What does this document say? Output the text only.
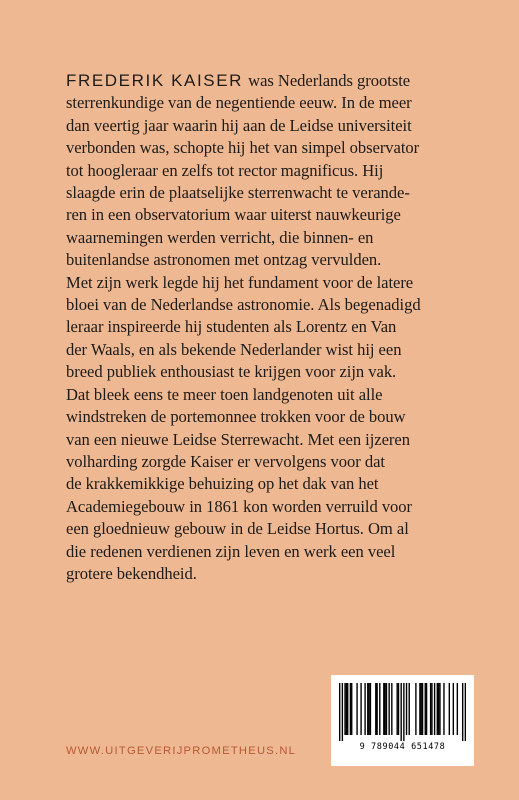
FREDERIK KAISER was Nederlands grootste
sterrenkundige van de negentiende eeuw. In de meer
dan veertig jaar waarin hij aan de Leidse universiteit
verbonden was, schopte hij het van simpel observator
tot hoogleraar en zelfs tot rector magnificus. Hij
slaagde erin de plaatselijke sterrenwacht te verande-
ren in een observatorium waar uiterst nauwkeurige
waarnemingen werden verricht, die binnen- en
buitenlandse astronomen met ontzag vervulden.
Met zijn werk legde hij het fundament voor de latere
bloei van de Nederlandse astronomie. Als begenadigd
leraar inspireerde hij studenten als Lorentz en Van
der Waals, en als bekende Nederlander wist hij een
breed publiek enthousiast te krijgen voor zijn vak.
Dat bleek eens te meer toen landgenoten uit alle
windstreken de portemonnee trokken voor de bouw
van een nieuwe Leidse Sterrewacht. Met een ijzeren
volharding zorgde Kaiser er vervolgens voor dat
de krakkemikkige behuizing op het dak van het
Academiegebouw in 1861 kon worden verruild voor
een gloednieuw gebouw in de Leidse Hortus. Om al
die redenen verdienen zijn leven en werk een veel
grotere bekendheid.
9 789044 651478
WWW.UITGEVERIJPROMETHEUS.NL
